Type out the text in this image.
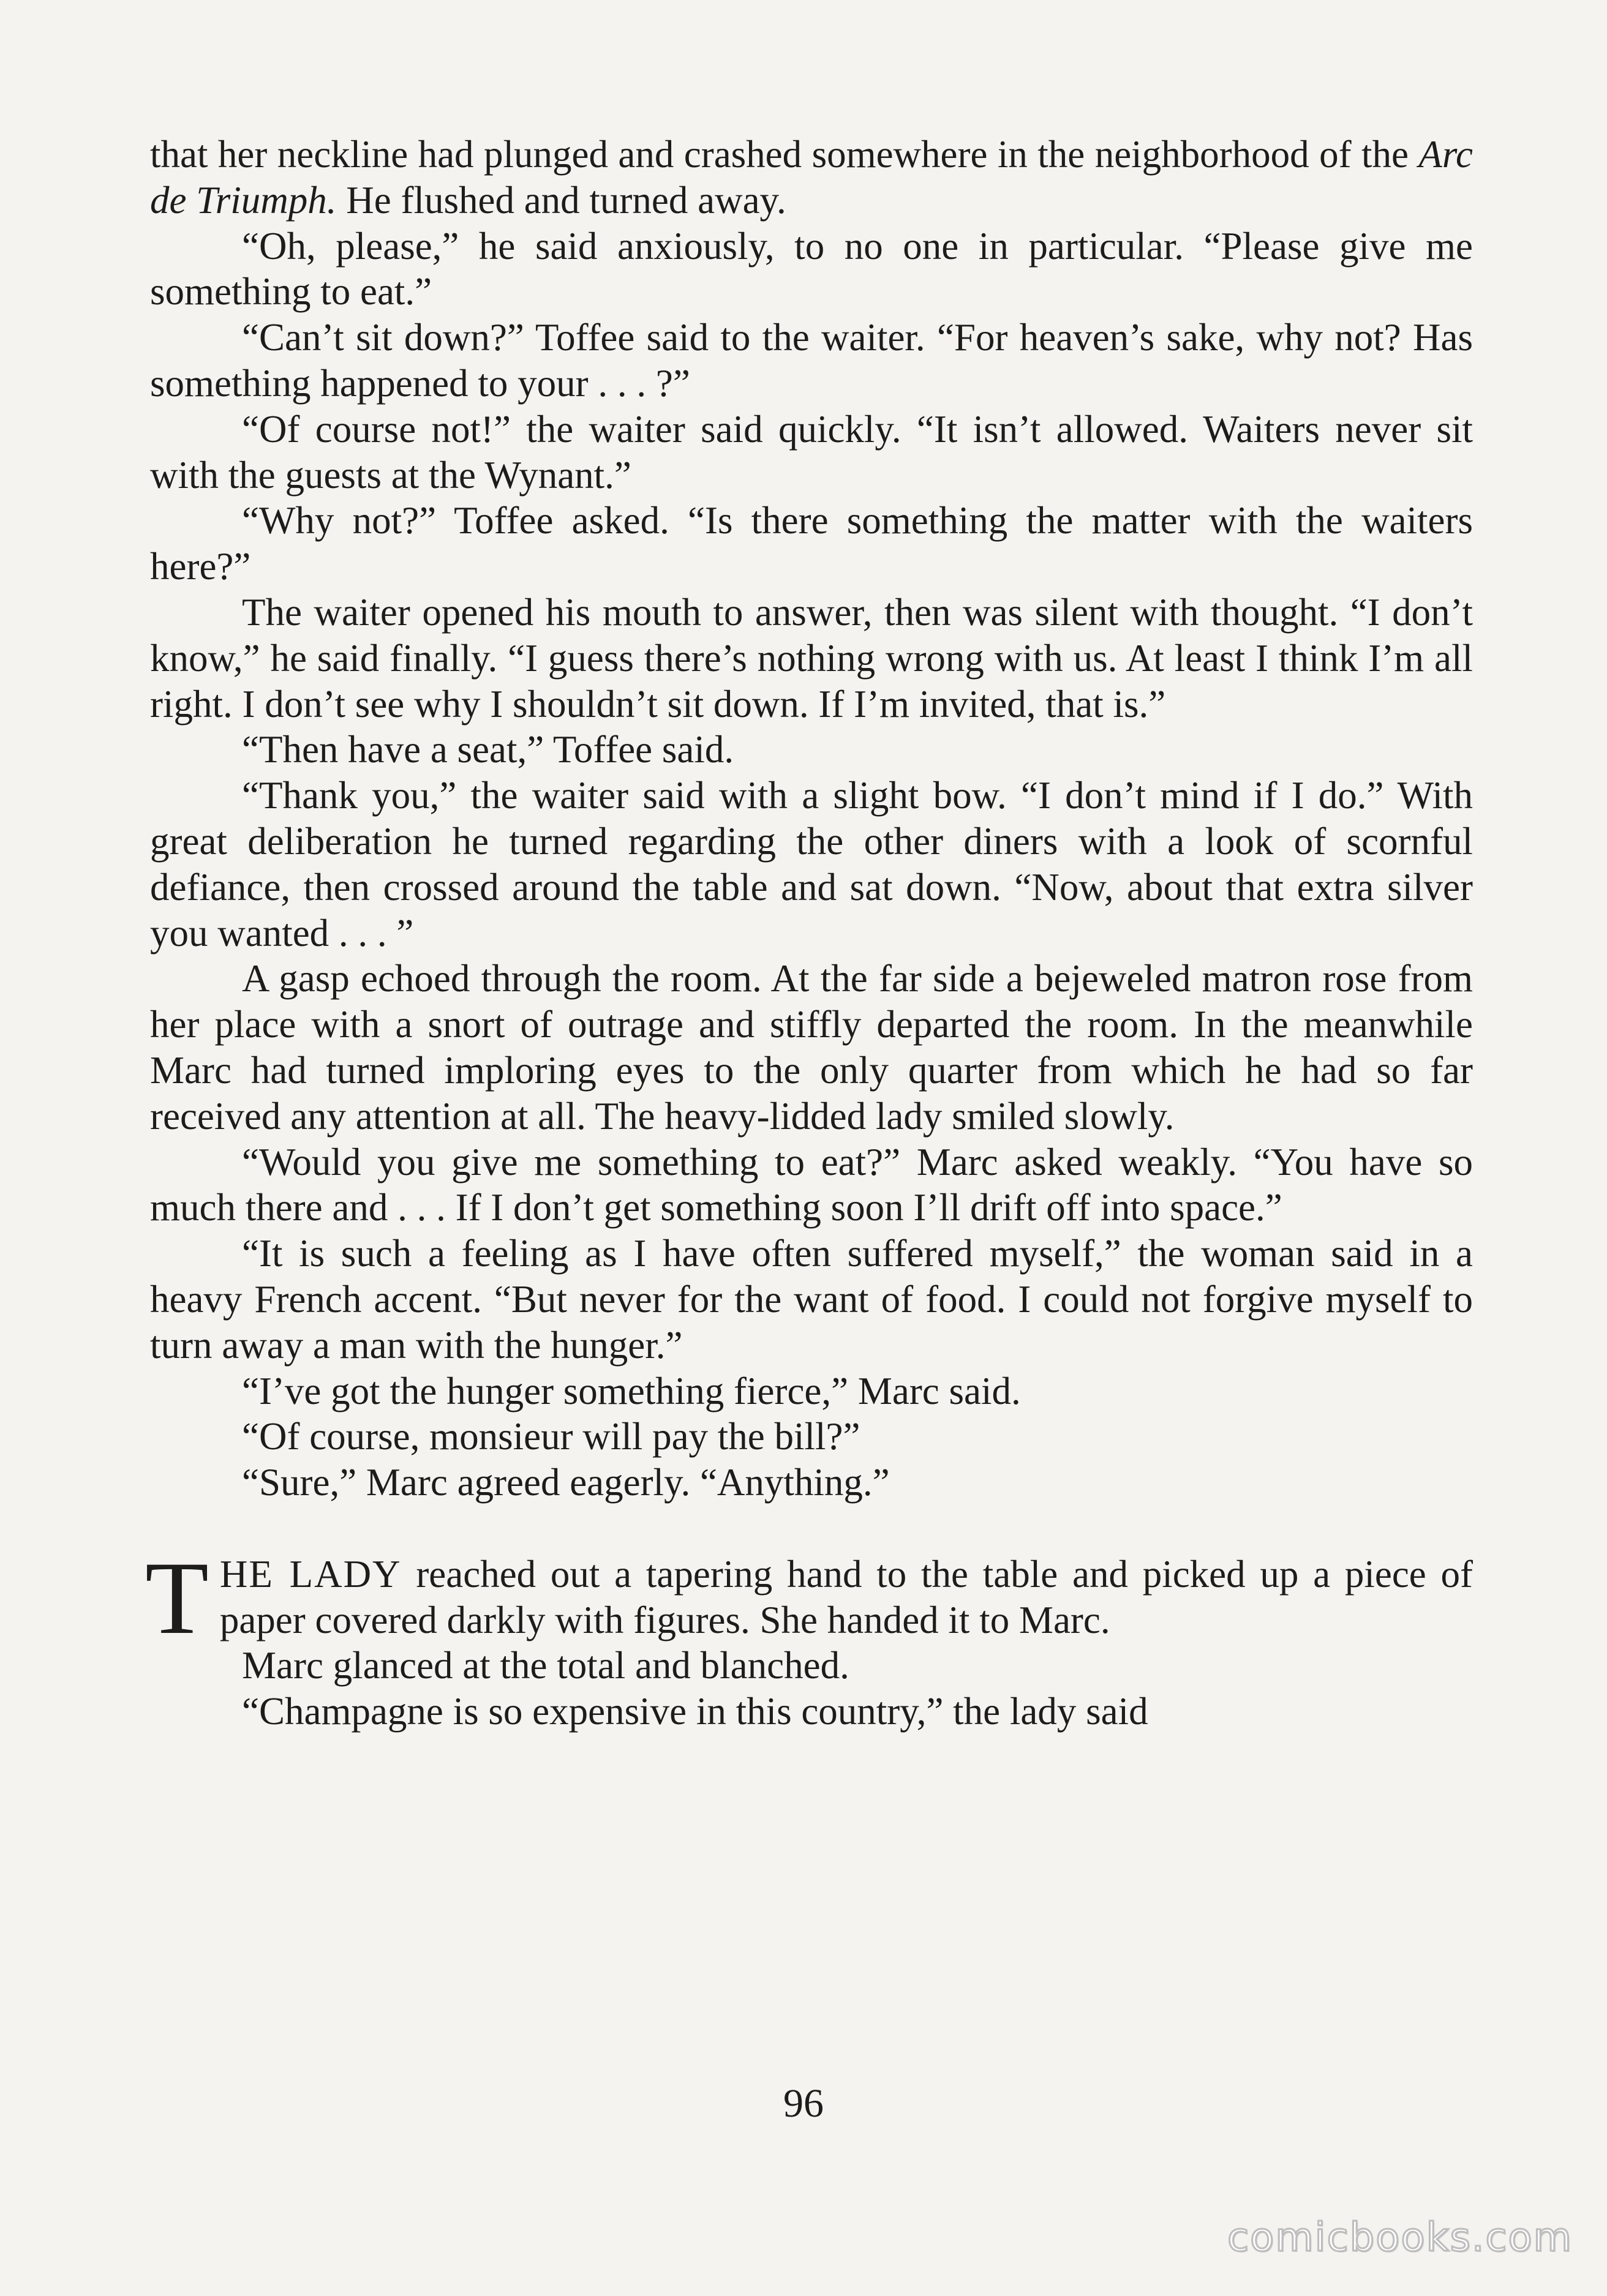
that her neckline had plunged and crashed somewhere in the neighborhood of the Arc de Triumph. He flushed and turned away.

“Oh, please,” he said anxiously, to no one in particular. “Please give me something to eat.”

“Can’t sit down?” Toffee said to the waiter. “For heaven’s sake, why not? Has something happened to your . . . ?”

“Of course not!” the waiter said quickly. “It isn’t allowed. Waiters never sit with the guests at the Wynant.”

“Why not?” Toffee asked. “Is there something the matter with the waiters here?”

The waiter opened his mouth to answer, then was silent with thought. “I don’t know,” he said finally. “I guess there’s nothing wrong with us. At least I think I’m all right. I don’t see why I shouldn’t sit down. If I’m invited, that is.”

“Then have a seat,” Toffee said.

“Thank you,” the waiter said with a slight bow. “I don’t mind if I do.” With great deliberation he turned regarding the other diners with a look of scornful defiance, then crossed around the table and sat down. “Now, about that extra silver you wanted . . . ”

A gasp echoed through the room. At the far side a bejeweled matron rose from her place with a snort of outrage and stiffly departed the room. In the meanwhile Marc had turned imploring eyes to the only quarter from which he had so far received any attention at all. The heavy-lidded lady smiled slowly.

“Would you give me something to eat?” Marc asked weakly. “You have so much there and . . . If I don’t get something soon I’ll drift off into space.”

“It is such a feeling as I have often suffered myself,” the woman said in a heavy French accent. “But never for the want of food. I could not forgive myself to turn away a man with the hunger.”

“I’ve got the hunger something fierce,” Marc said.

“Of course, monsieur will pay the bill?”

“Sure,” Marc agreed eagerly. “Anything.”

THE LADY reached out a tapering hand to the table and picked up a piece of paper covered darkly with figures. She handed it to Marc.

Marc glanced at the total and blanched.

“Champagne is so expensive in this country,” the lady said

96
comicbooks.com
